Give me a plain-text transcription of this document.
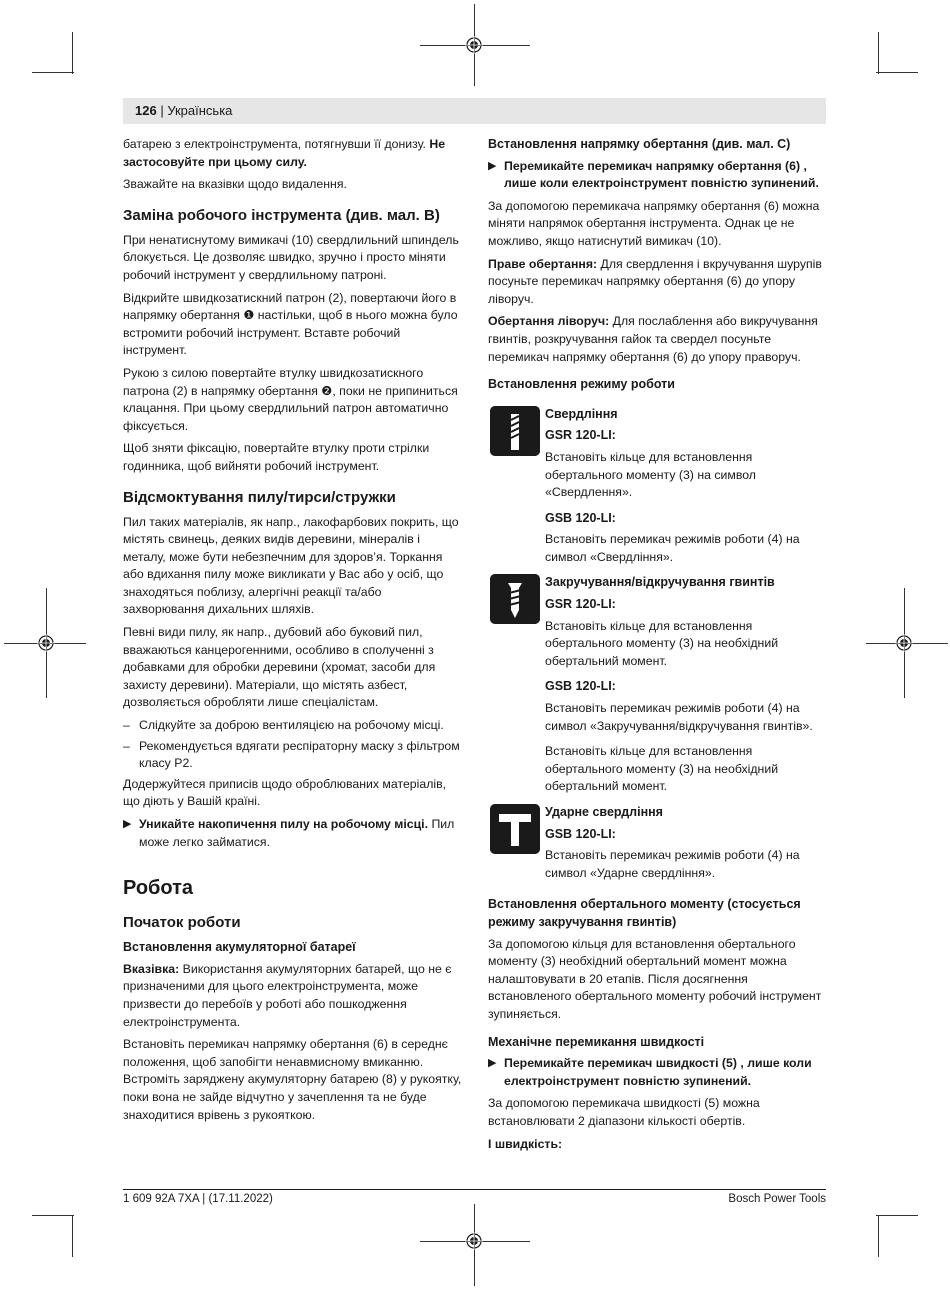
126 | Українська

батарею з електроінструмента, потягнувши її донизу. Не застосовуйте при цьому силу.

Зважайте на вказівки щодо видалення.

Заміна робочого інструмента (див. мал. B)

При ненатиснутому вимикачі (10) свердлильний шпиндель блокується. Це дозволяє швидко, зручно і просто міняти робочий інструмент у свердлильному патроні.

Відкрийте швидкозатискний патрон (2), повертаючи його в напрямку обертання ❶ настільки, щоб в нього можна було встромити робочий інструмент. Вставте робочий інструмент.

Рукою з силою повертайте втулку швидкозатискного патрона (2) в напрямку обертання ❷, поки не припиниться клацання. При цьому свердлильний патрон автоматично фіксується.

Щоб зняти фіксацію, повертайте втулку проти стрілки годинника, щоб вийняти робочий інструмент.

Відсмоктування пилу/тирси/стружки

Пил таких матеріалів, як напр., лакофарбових покрить, що містять свинець, деяких видів деревини, мінералів і металу, може бути небезпечним для здоров’я. Торкання або вдихання пилу може викликати у Вас або у осіб, що знаходяться поблизу, алергічні реакції та/або захворювання дихальних шляхів.

Певні види пилу, як напр., дубовий або буковий пил, вважаються канцерогенними, особливо в сполученні з добавками для обробки деревини (хромат, засоби для захисту деревини). Матеріали, що містять азбест, дозволяється обробляти лише спеціалістам.

– Слідкуйте за доброю вентиляцією на робочому місці.
– Рекомендується вдягати респіраторну маску з фільтром класу P2.

Додержуйтеся приписів щодо оброблюваних матеріалів, що діють у Вашій країні.

▶ Уникайте накопичення пилу на робочому місці. Пил може легко займатися.
Робота
Початок роботи
Встановлення акумуляторної батареї

Вказівка: Використання акумуляторних батарей, що не є призначеними для цього електроінструмента, може призвести до перебоїв у роботі або пошкодження електроінструмента.

Встановіть перемикач напрямку обертання (6) в середнє положення, щоб запобігти ненавмисному вмиканню. Встроміть заряджену акумуляторну батарею (8) у рукоятку, поки вона не зайде відчутно у зачеплення та не буде знаходитися врівень з рукояткою.

Встановлення напрямку обертання (див. мал. C)
▶ Перемикайте перемикач напрямку обертання (6) , лише коли електроінструмент повністю зупинений.

За допомогою перемикача напрямку обертання (6) можна міняти напрямок обертання інструмента. Однак це не можливо, якщо натиснутий вимикач (10).

Праве обертання: Для свердлення і вкручування шурупів посуньте перемикач напрямку обертання (6) до упору ліворуч.

Обертання ліворуч: Для послаблення або викручування гвинтів, розкручування гайок та свердел посуньте перемикач напрямку обертання (6) до упору праворуч.

Встановлення режиму роботи
Свердління
GSR 120-LI:

Встановіть кільце для встановлення обертального моменту (3) на символ «Свердлення».

GSB 120-LI:

Встановіть перемикач режимів роботи (4) на символ «Свердління».

Закручування/відкручування гвинтів
GSR 120-LI:

Встановіть кільце для встановлення обертального моменту (3) на необхідний обертальний момент.

GSB 120-LI:

Встановіть перемикач режимів роботи (4) на символ «Закручування/відкручування гвинтів».

Встановіть кільце для встановлення обертального моменту (3) на необхідний обертальний момент.

Ударне свердління
GSB 120-LI:

Встановіть перемикач режимів роботи (4) на символ «Ударне свердління».

Встановлення обертального моменту (стосується режиму закручування гвинтів)

За допомогою кільця для встановлення обертального моменту (3) необхідний обертальний момент можна налаштовувати в 20 етапів. Після досягнення встановленого обертального моменту робочий інструмент зупиняється.

Механічне перемикання швидкості
▶ Перемикайте перемикач швидкості (5) , лише коли електроінструмент повністю зупинений.

За допомогою перемикача швидкості (5) можна встановлювати 2 діапазони кількості обертів.

I швидкість:

1 609 92A 7XA | (17.11.2022)	Bosch Power Tools
